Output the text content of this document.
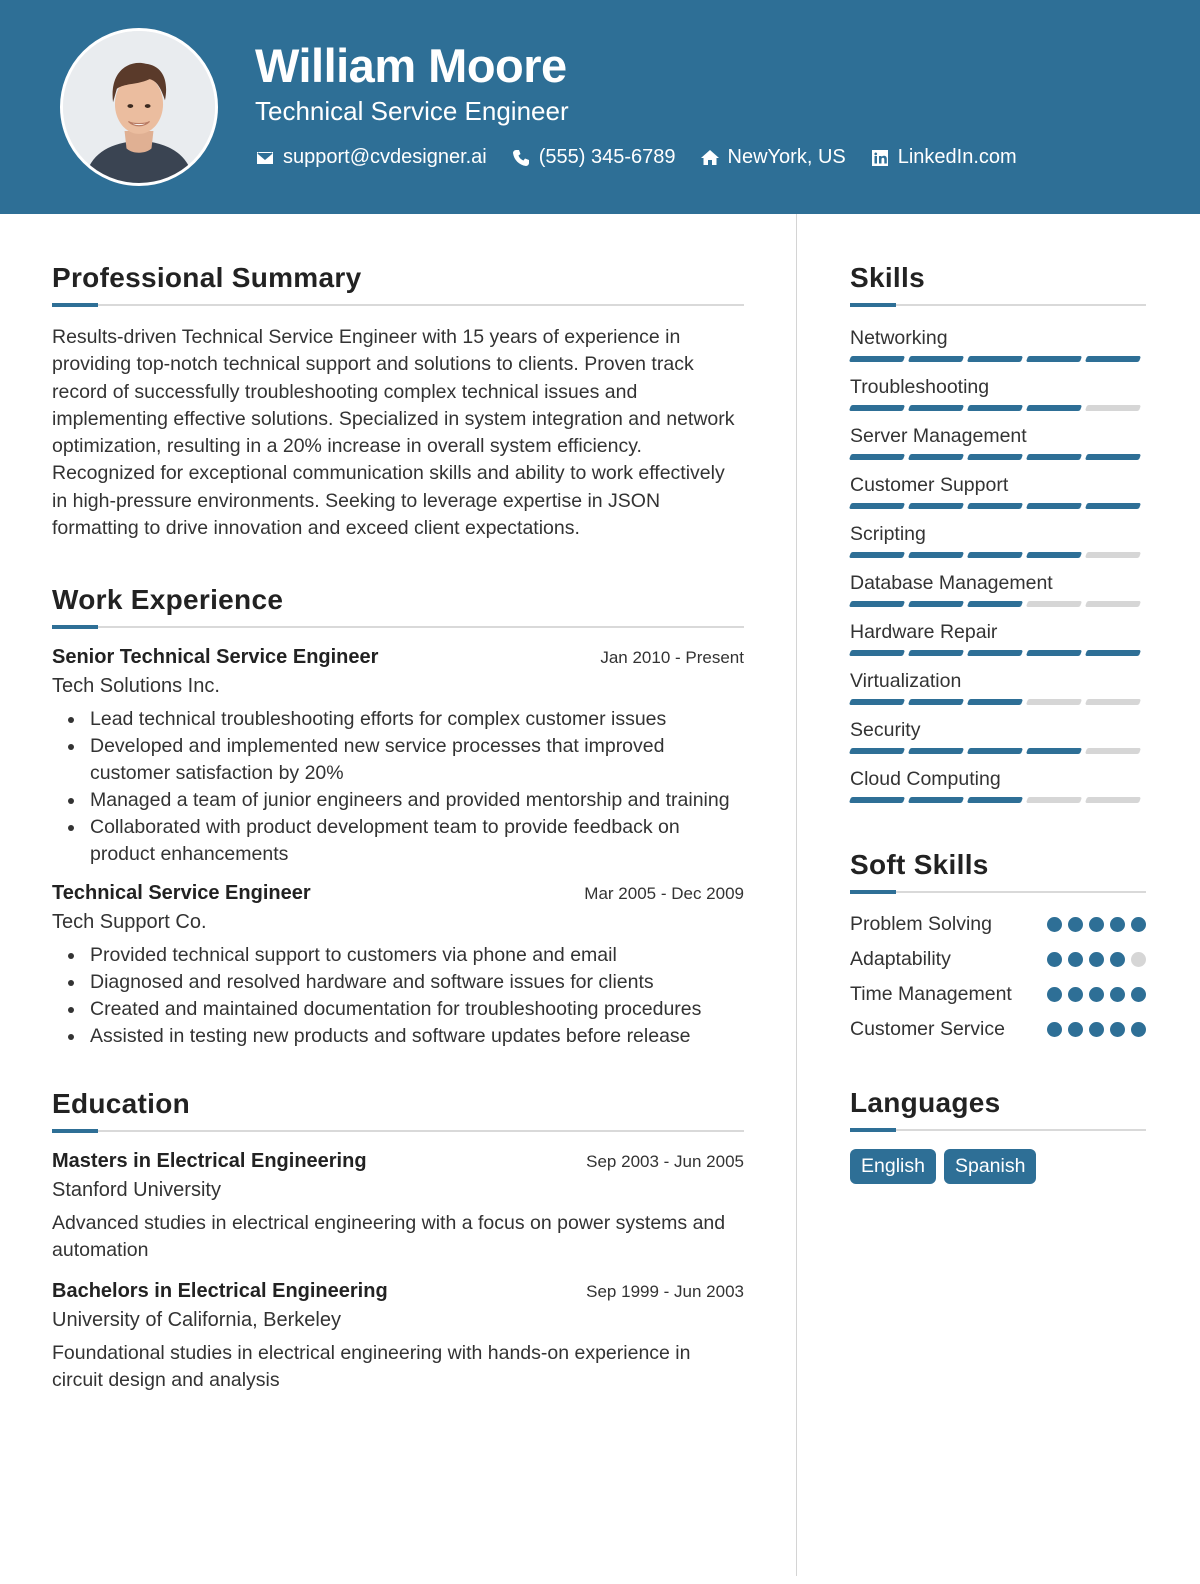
William Moore
Technical Service Engineer
support@cvdesigner.ai	(555) 345-6789	NewYork, US	LinkedIn.com
Professional Summary

Results-driven Technical Service Engineer with 15 years of experience in providing top-notch technical support and solutions to clients. Proven track record of successfully troubleshooting complex technical issues and implementing effective solutions. Specialized in system integration and network optimization, resulting in a 20% increase in overall system efficiency. Recognized for exceptional communication skills and ability to work effectively in high-pressure environments. Seeking to leverage expertise in JSON formatting to drive innovation and exceed client expectations.

Work Experience
Senior Technical Service Engineer	Jan 2010 - Present
Tech Solutions Inc.
Lead technical troubleshooting efforts for complex customer issues
Developed and implemented new service processes that improved customer satisfaction by 20%
Managed a team of junior engineers and provided mentorship and training
Collaborated with product development team to provide feedback on product enhancements
Technical Service Engineer	Mar 2005 - Dec 2009
Tech Support Co.
Provided technical support to customers via phone and email
Diagnosed and resolved hardware and software issues for clients
Created and maintained documentation for troubleshooting procedures
Assisted in testing new products and software updates before release
Education
Masters in Electrical Engineering	Sep 2003 - Jun 2005
Stanford University

Advanced studies in electrical engineering with a focus on power systems and automation

Bachelors in Electrical Engineering	Sep 1999 - Jun 2003
University of California, Berkeley

Foundational studies in electrical engineering with hands-on experience in circuit design and analysis

Skills
Networking
Troubleshooting
Server Management
Customer Support
Scripting
Database Management
Hardware Repair
Virtualization
Security
Cloud Computing
Soft Skills
Problem Solving
Adaptability
Time Management
Customer Service
Languages
English	Spanish
